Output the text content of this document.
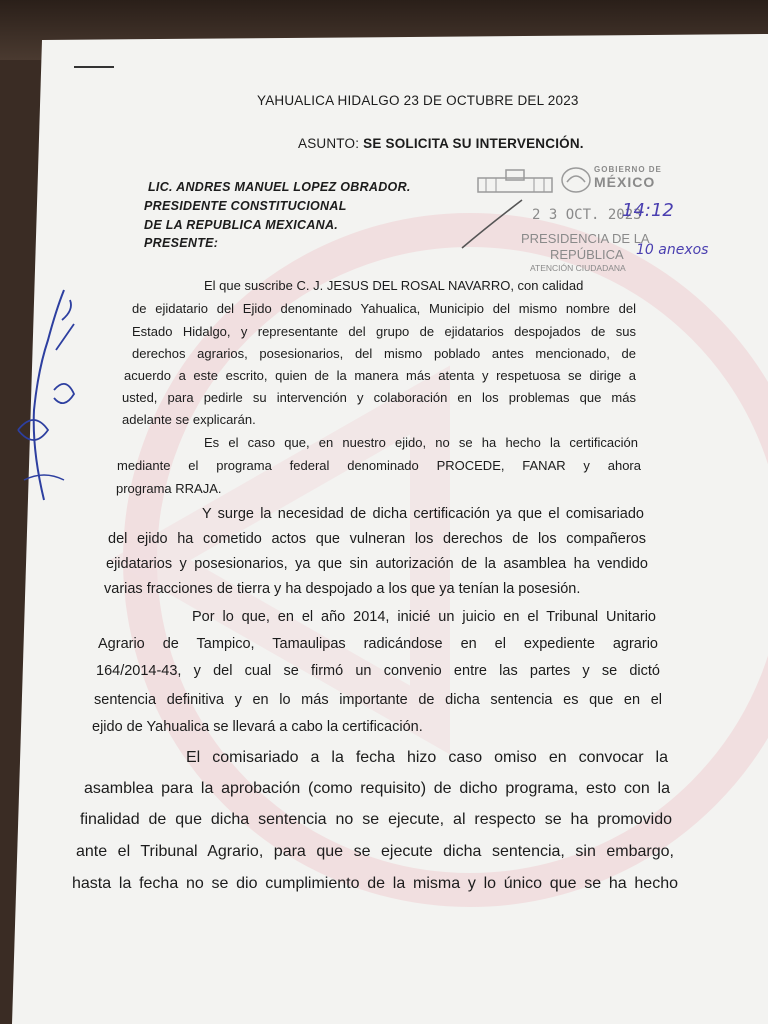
YAHUALICA HIDALGO 23 DE OCTUBRE DEL 2023
ASUNTO: SE SOLICITA SU INTERVENCIÓN.
LIC. ANDRES MANUEL LOPEZ OBRADOR.
PRESIDENTE CONSTITUCIONAL
DE LA REPUBLICA MEXICANA.
PRESENTE:
GOBIERNO DE
MÉXICO
2 3 OCT. 2023
14:12
PRESIDENCIA DE LA
REPÚBLICA 10 anexos
ATENCIÓN CIUDADANA
El que suscribe C. J. JESUS DEL ROSAL NAVARRO, con calidad
de ejidatario del Ejido denominado Yahualica, Municipio del mismo nombre del
Estado Hidalgo, y representante del grupo de ejidatarios despojados de sus
derechos agrarios, posesionarios, del mismo poblado antes mencionado, de
acuerdo a este escrito, quien de la manera más atenta y respetuosa se dirige a
usted, para pedirle su intervención y colaboración en los problemas que más
adelante se explicarán.
Es el caso que, en nuestro ejido, no se ha hecho la certificación
mediante el programa federal denominado PROCEDE, FANAR y ahora
programa RRAJA.
Y surge la necesidad de dicha certificación ya que el comisariado
del ejido ha cometido actos que vulneran los derechos de los compañeros
ejidatarios y posesionarios, ya que sin autorización de la asamblea ha vendido
varias fracciones de tierra y ha despojado a los que ya tenían la posesión.
Por lo que, en el año 2014, inicié un juicio en el Tribunal Unitario
Agrario de Tampico, Tamaulipas radicándose en el expediente agrario
164/2014-43, y del cual se firmó un convenio entre las partes y se dictó
sentencia definitiva y en lo más importante de dicha sentencia es que en el
ejido de Yahualica se llevará a cabo la certificación.
El comisariado a la fecha hizo caso omiso en convocar la
asamblea para la aprobación (como requisito) de dicho programa, esto con la
finalidad de que dicha sentencia no se ejecute, al respecto se ha promovido
ante el Tribunal Agrario, para que se ejecute dicha sentencia, sin embargo,
hasta la fecha no se dio cumplimiento de la misma y lo único que se ha hecho
